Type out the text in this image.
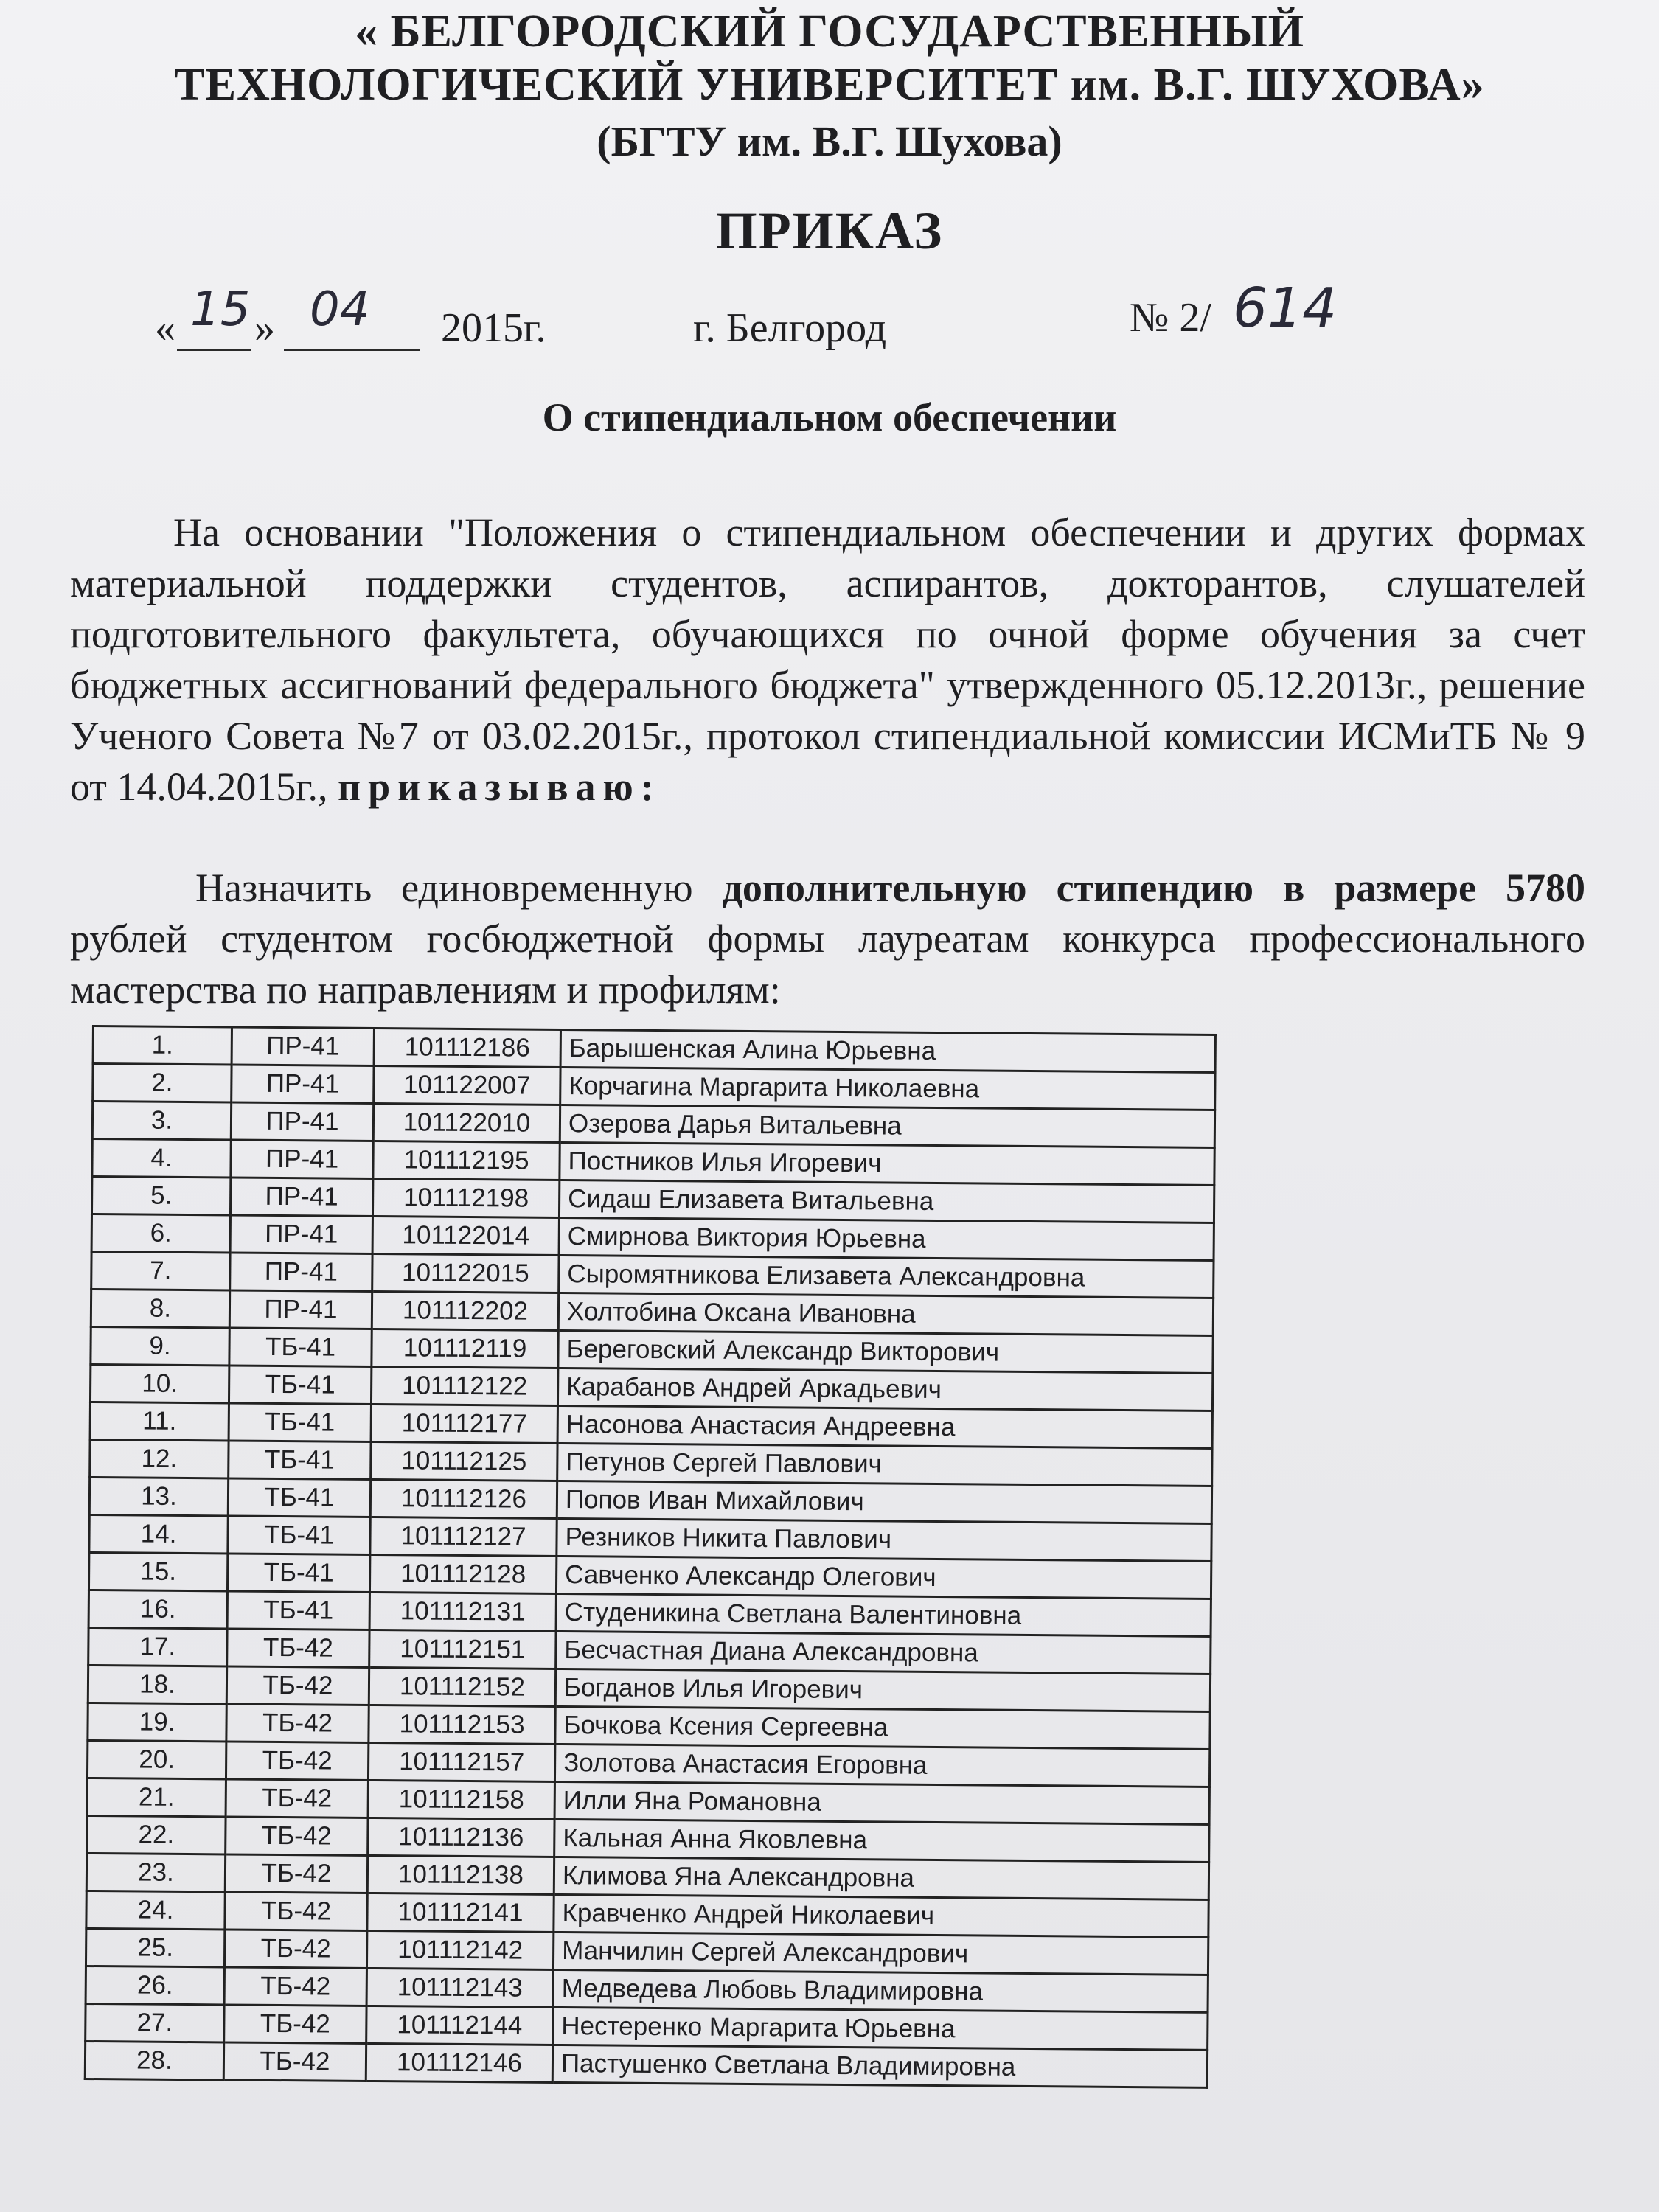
« БЕЛГОРОДСКИЙ ГОСУДАРСТВЕННЫЙ
ТЕХНОЛОГИЧЕСКИЙ УНИВЕРСИТЕТ им. В.Г. ШУХОВА»
(БГТУ им. В.Г. Шухова)
ПРИКАЗ
« 15 » 04 2015г.	г. Белгород	№ 2/ 614
О стипендиальном обеспечении
На основании "Положения о стипендиальном обеспечении и других формах материальной поддержки студентов, аспирантов, докторантов, слушателей подготовительного факультета, обучающихся по очной форме обучения за счет бюджетных ассигнований федерального бюджета" утвержденного 05.12.2013г., решение Ученого Совета №7 от 03.02.2015г., протокол стипендиальной комиссии ИСМиТБ № 9 от 14.04.2015г., приказываю:
Назначить единовременную дополнительную стипендию в размере 5780 рублей студентом госбюджетной формы лауреатам конкурса профессионального мастерства по направлениям и профилям:
1.	ПР-41	101112186	Барышенская Алина Юрьевна
2.	ПР-41	101122007	Корчагина Маргарита Николаевна
3.	ПР-41	101122010	Озерова Дарья Витальевна
4.	ПР-41	101112195	Постников Илья Игоревич
5.	ПР-41	101112198	Сидаш Елизавета Витальевна
6.	ПР-41	101122014	Смирнова Виктория Юрьевна
7.	ПР-41	101122015	Сыромятникова Елизавета Александровна
8.	ПР-41	101112202	Холтобина Оксана Ивановна
9.	ТБ-41	101112119	Береговский Александр Викторович
10.	ТБ-41	101112122	Карабанов Андрей Аркадьевич
11.	ТБ-41	101112177	Насонова Анастасия Андреевна
12.	ТБ-41	101112125	Петунов Сергей Павлович
13.	ТБ-41	101112126	Попов Иван Михайлович
14.	ТБ-41	101112127	Резников Никита Павлович
15.	ТБ-41	101112128	Савченко Александр Олегович
16.	ТБ-41	101112131	Студеникина Светлана Валентиновна
17.	ТБ-42	101112151	Бесчастная Диана Александровна
18.	ТБ-42	101112152	Богданов Илья Игоревич
19.	ТБ-42	101112153	Бочкова Ксения Сергеевна
20.	ТБ-42	101112157	Золотова Анастасия Егоровна
21.	ТБ-42	101112158	Илли Яна Романовна
22.	ТБ-42	101112136	Кальная Анна Яковлевна
23.	ТБ-42	101112138	Климова Яна Александровна
24.	ТБ-42	101112141	Кравченко Андрей Николаевич
25.	ТБ-42	101112142	Манчилин Сергей Александрович
26.	ТБ-42	101112143	Медведева Любовь Владимировна
27.	ТБ-42	101112144	Нестеренко Маргарита Юрьевна
28.	ТБ-42	101112146	Пастушенко Светлана Владимировна
